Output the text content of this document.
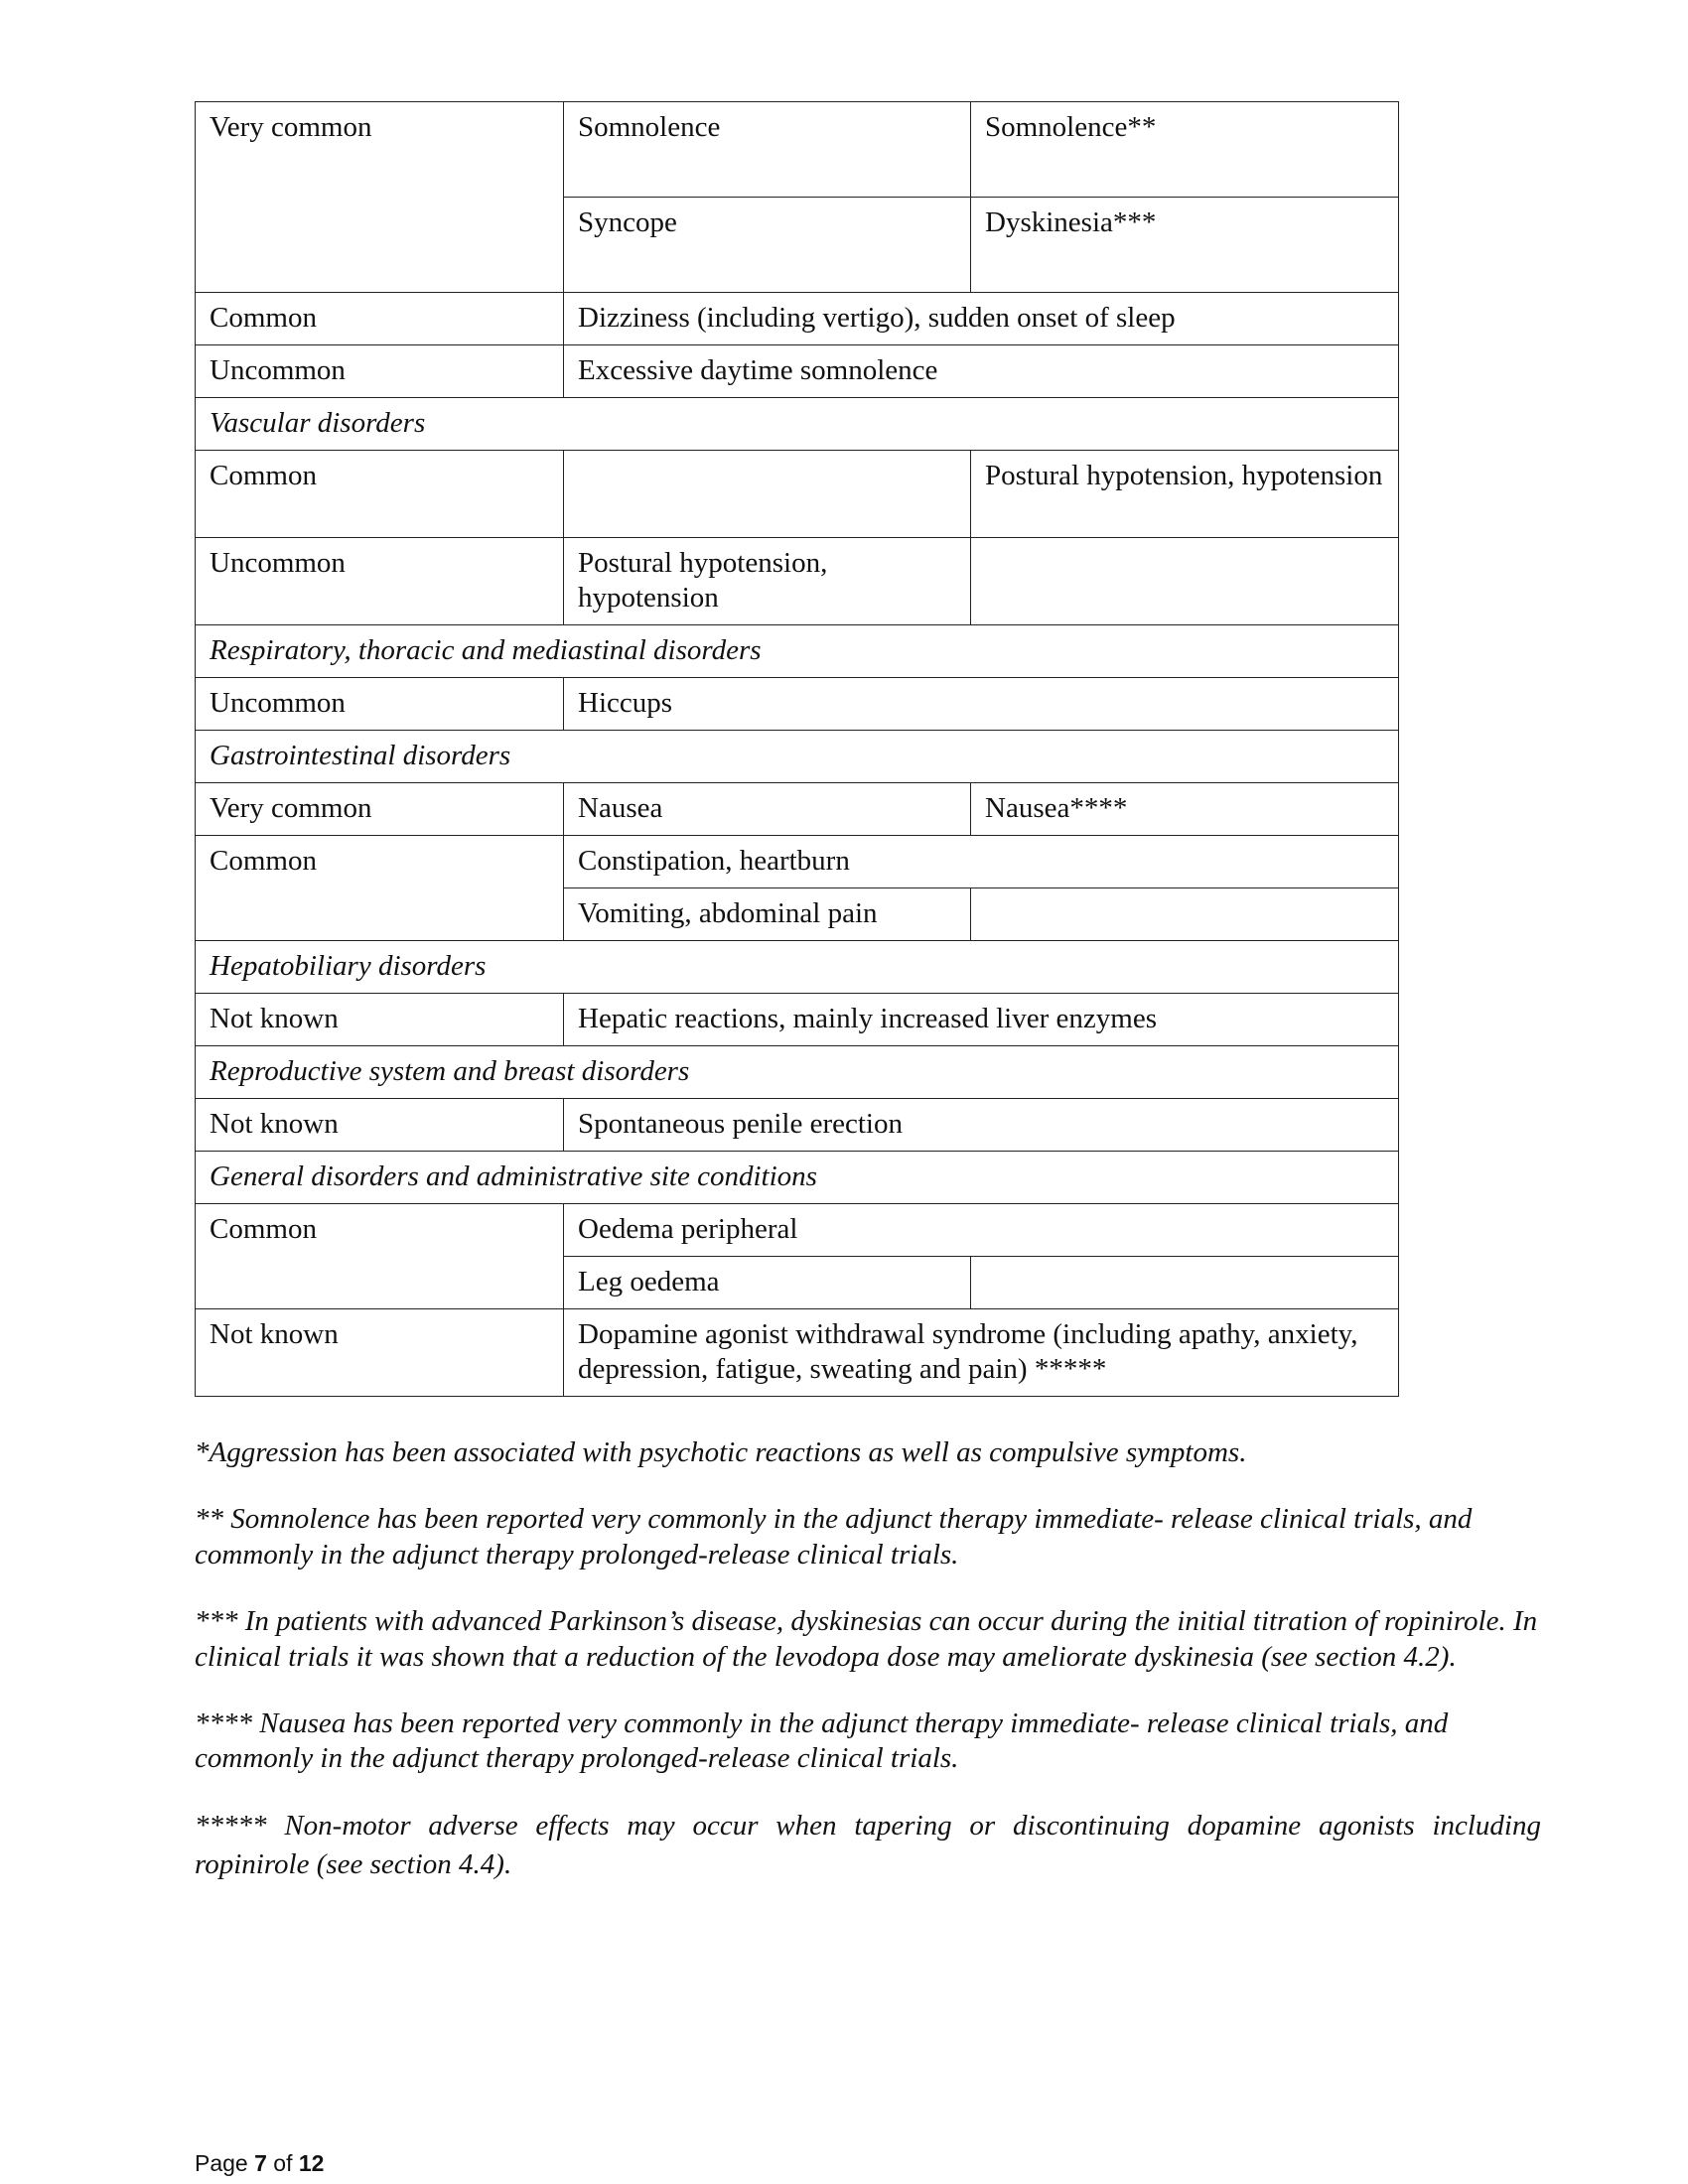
Very common	Somnolence	Somnolence**
	Syncope	Dyskinesia***
Common	Dizziness (including vertigo), sudden onset of sleep	
Uncommon	Excessive daytime somnolence	
Vascular disorders		
Common		Postural hypotension, hypotension
Uncommon	Postural hypotension, hypotension	
Respiratory, thoracic and mediastinal disorders		
Uncommon	Hiccups	
Gastrointestinal disorders		
Very common	Nausea	Nausea****
Common	Constipation, heartburn	
	Vomiting, abdominal pain	
Hepatobiliary disorders		
Not known	Hepatic reactions, mainly increased liver enzymes	
Reproductive system and breast disorders		
Not known	Spontaneous penile erection	
General disorders and administrative site conditions		
Common	Oedema peripheral	
	Leg oedema	
Not known	Dopamine agonist withdrawal syndrome (including apathy, anxiety, depression, fatigue, sweating and pain) *****	

*Aggression has been associated with psychotic reactions as well as compulsive symptoms.

** Somnolence has been reported very commonly in the adjunct therapy immediate- release clinical trials, and commonly in the adjunct therapy prolonged-release clinical trials.

*** In patients with advanced Parkinson’s disease, dyskinesias can occur during the initial titration of ropinirole. In clinical trials it was shown that a reduction of the levodopa dose may ameliorate dyskinesia (see section 4.2).

**** Nausea has been reported very commonly in the adjunct therapy immediate- release clinical trials, and commonly in the adjunct therapy prolonged-release clinical trials.

***** Non-motor adverse effects may occur when tapering or discontinuing dopamine agonists including

ropinirole (see section 4.4).

Page 7 of 12
